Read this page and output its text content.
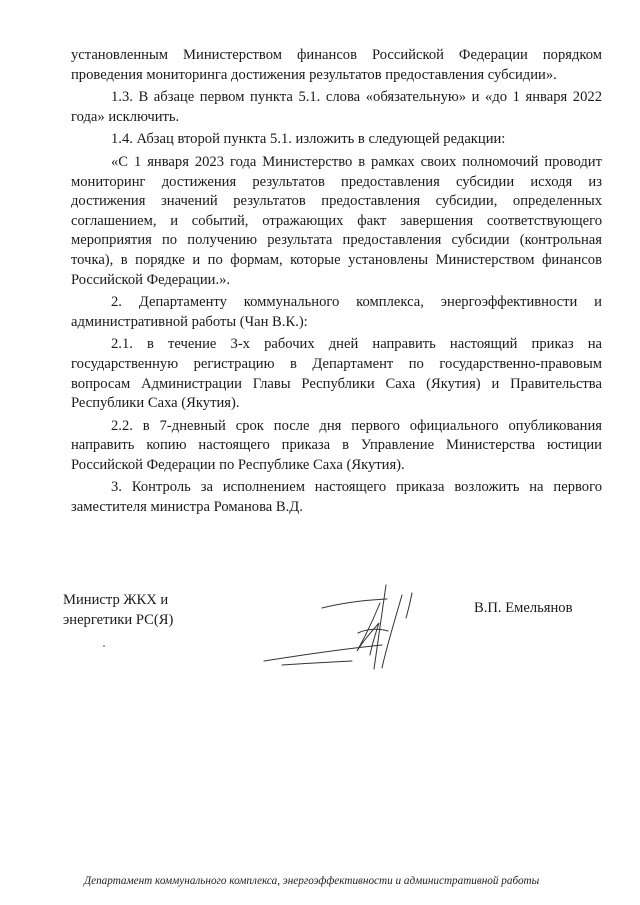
установленным Министерством финансов Российской Федерации порядком проведения мониторинга достижения результатов предоставления субсидии».

1.3. В абзаце первом пункта 5.1. слова «обязательную» и «до 1 января 2022 года» исключить.

1.4. Абзац второй пункта 5.1. изложить в следующей редакции:

«С 1 января 2023 года Министерство в рамках своих полномочий проводит мониторинг достижения результатов предоставления субсидии исходя из достижения значений результатов предоставления субсидии, определенных соглашением, и событий, отражающих факт завершения соответствующего мероприятия по получению результата предоставления субсидии (контрольная точка), в порядке и по формам, которые установлены Министерством финансов Российской Федерации.».

2. Департаменту коммунального комплекса, энергоэффективности и административной работы (Чан В.К.):

2.1. в течение 3-х рабочих дней направить настоящий приказ на государственную регистрацию в Департамент по государственно-правовым вопросам Администрации Главы Республики Саха (Якутия) и Правительства Республики Саха (Якутия).

2.2. в 7-дневный срок после дня первого официального опубликования направить копию настоящего приказа в Управление Министерства юстиции Российской Федерации по Республике Саха (Якутия).

3. Контроль за исполнением настоящего приказа возложить на первого заместителя министра Романова В.Д.

Министр ЖКХ и
энергетики РС(Я)
В.П. Емельянов
Департамент коммунального комплекса, энергоэффективности и административной работы
